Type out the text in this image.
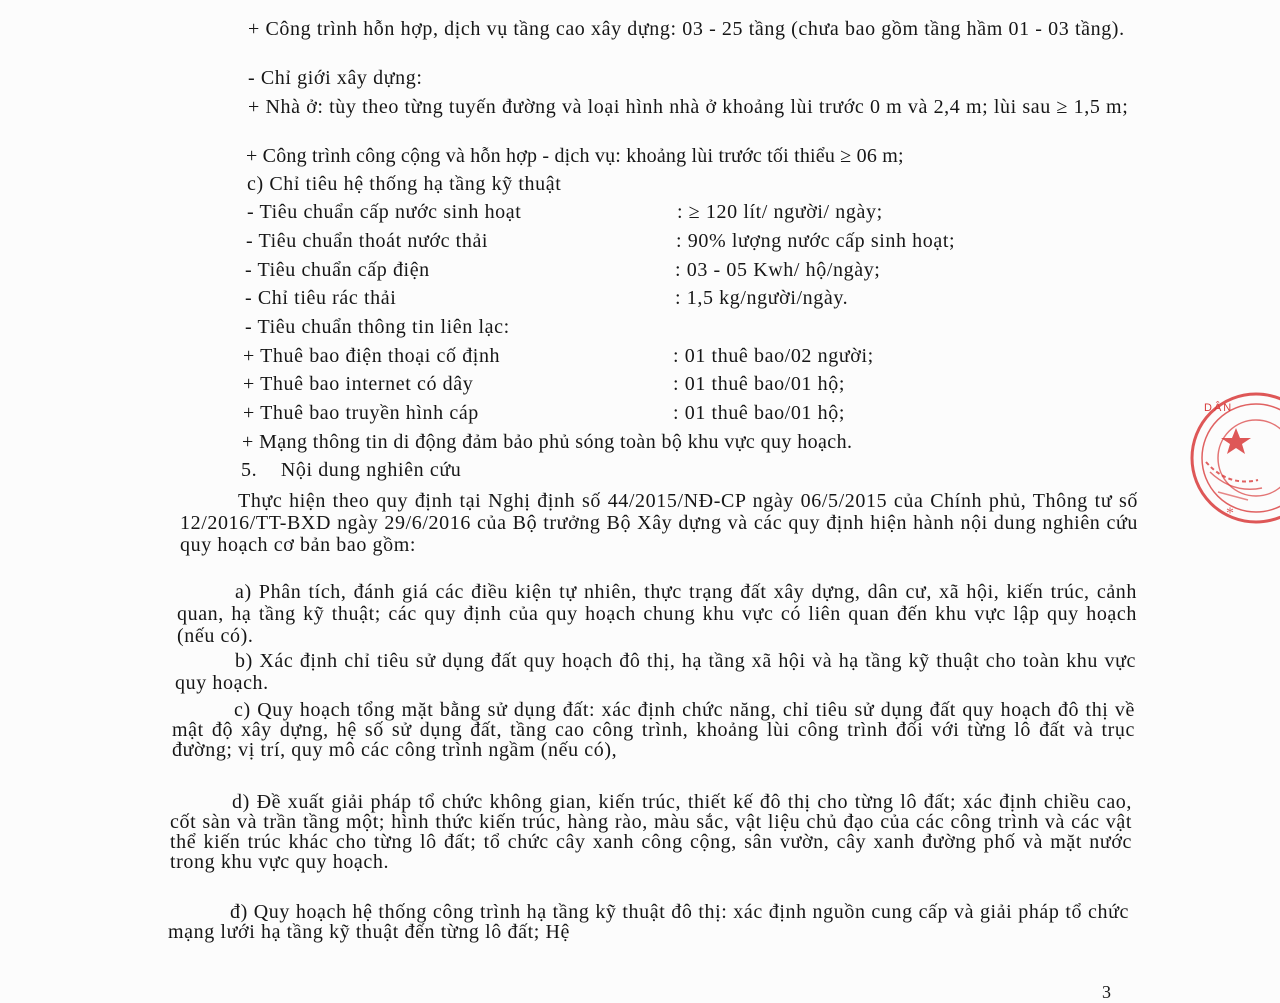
+ Công trình hỗn hợp, dịch vụ tầng cao xây dựng: 03 - 25 tầng (chưa bao gồm tầng hầm 01 - 03 tầng).

- Chỉ giới xây dựng:

+ Nhà ở: tùy theo từng tuyến đường và loại hình nhà ở khoảng lùi trước 0 m và 2,4 m; lùi sau ≥ 1,5 m;

+ Công trình công cộng và hỗn hợp - dịch vụ: khoảng lùi trước tối thiểu ≥ 06 m;

c) Chỉ tiêu hệ thống hạ tầng kỹ thuật

- Tiêu chuẩn cấp nước sinh hoạt	: ≥ 120 lít/ người/ ngày;
- Tiêu chuẩn thoát nước thải	: 90% lượng nước cấp sinh hoạt;
- Tiêu chuẩn cấp điện	: 03 - 05 Kwh/ hộ/ngày;
- Chỉ tiêu rác thải	: 1,5 kg/người/ngày.

- Tiêu chuẩn thông tin liên lạc:

+ Thuê bao điện thoại cố định	: 01 thuê bao/02 người;
+ Thuê bao internet có dây	: 01 thuê bao/01 hộ;
+ Thuê bao truyền hình cáp	: 01 thuê bao/01 hộ;

+ Mạng thông tin di động đảm bảo phủ sóng toàn bộ khu vực quy hoạch.

5. Nội dung nghiên cứu

Thực hiện theo quy định tại Nghị định số 44/2015/NĐ-CP ngày 06/5/2015 của Chính phủ, Thông tư số 12/2016/TT-BXD ngày 29/6/2016 của Bộ trưởng Bộ Xây dựng và các quy định hiện hành nội dung nghiên cứu quy hoạch cơ bản bao gồm:

a) Phân tích, đánh giá các điều kiện tự nhiên, thực trạng đất xây dựng, dân cư, xã hội, kiến trúc, cảnh quan, hạ tầng kỹ thuật; các quy định của quy hoạch chung khu vực có liên quan đến khu vực lập quy hoạch (nếu có).

b) Xác định chỉ tiêu sử dụng đất quy hoạch đô thị, hạ tầng xã hội và hạ tầng kỹ thuật cho toàn khu vực quy hoạch.

c) Quy hoạch tổng mặt bằng sử dụng đất: xác định chức năng, chỉ tiêu sử dụng đất quy hoạch đô thị về mật độ xây dựng, hệ số sử dụng đất, tầng cao công trình, khoảng lùi công trình đối với từng lô đất và trục đường; vị trí, quy mô các công trình ngầm (nếu có),

d) Đề xuất giải pháp tổ chức không gian, kiến trúc, thiết kế đô thị cho từng lô đất; xác định chiều cao, cốt sàn và trần tầng một; hình thức kiến trúc, hàng rào, màu sắc, vật liệu chủ đạo của các công trình và các vật thể kiến trúc khác cho từng lô đất; tổ chức cây xanh công cộng, sân vườn, cây xanh đường phố và mặt nước trong khu vực quy hoạch.

đ) Quy hoạch hệ thống công trình hạ tầng kỹ thuật đô thị: xác định nguồn cung cấp và giải pháp tổ chức mạng lưới hạ tầng kỹ thuật đến từng lô đất; Hệ

3
*
DÂN
